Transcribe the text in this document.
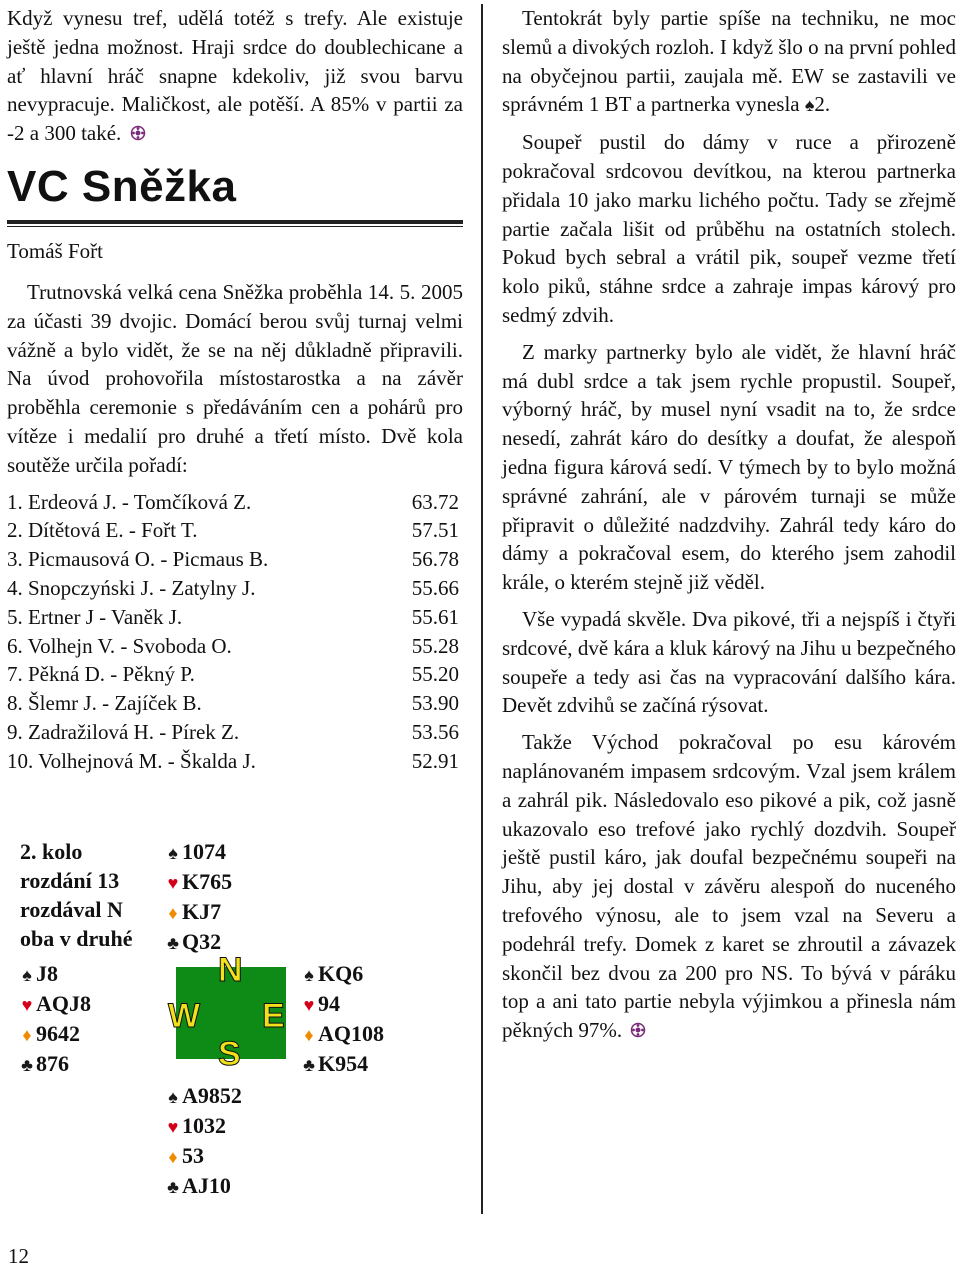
Když vynesu tref, udělá totéž s trefy. Ale existuje ještě jedna možnost. Hraji srdce do doublechicane a ať hlavní hráč snapne kdekoliv, již svou barvu nevypracuje. Maličkost, ale potěší. A 85% v partii za -2 a 300 také.

VC Sněžka
Tomáš Fořt

Trutnovská velká cena Sněžka proběhla 14. 5. 2005 za účasti 39 dvojic. Domácí berou svůj turnaj velmi vážně a bylo vidět, že se na něj důkladně připravili. Na úvod prohovořila místostarostka a na závěr proběhla ceremonie s předáváním cen a pohárů pro vítěze i medalií pro druhé a třetí místo. Dvě kola soutěže určila pořadí:

1. Erdeová J. - Tomčíková Z.	63.72
2. Dítětová E. - Fořt T.	57.51
3. Picmausová O. - Picmaus B.	56.78
4. Snopczyński J. - Zatylny J.	55.66
5. Ertner J - Vaněk J.	55.61
6. Volhejn V. - Svoboda O.	55.28
7. Pěkná D. - Pěkný P.	55.20
8. Šlemr J. - Zajíček B.	53.90
9. Zadražilová H. - Pírek Z.	53.56
10. Volhejnová M. - Škalda J.	52.91
2. kolo
rozdání 13
rozdával N
oba v druhé
♠ 1074
♥ K765
♦ KJ7
♣ Q32
♠ J8
♥ AQJ8
♦ 9642
♣ 876
N
W E
S
♠ KQ6
♥ 94
♦ AQ108
♣ K954
♠ A9852
♥ 1032
♦ 53
♣ AJ10
12

Tentokrát byly partie spíše na techniku, ne moc slemů a divokých rozloh. I když šlo o na první pohled na obyčejnou partii, zaujala mě. EW se zastavili ve správném 1 BT a partnerka vynesla ♠2.

Soupeř pustil do dámy v ruce a přirozeně pokračoval srdcovou devítkou, na kterou partnerka přidala 10 jako marku lichého počtu. Tady se zřejmě partie začala lišit od průběhu na ostatních stolech. Pokud bych sebral a vrátil pik, soupeř vezme třetí kolo piků, stáhne srdce a zahraje impas kárový pro sedmý zdvih.

Z marky partnerky bylo ale vidět, že hlavní hráč má dubl srdce a tak jsem rychle propustil. Soupeř, výborný hráč, by musel nyní vsadit na to, že srdce nesedí, zahrát káro do desítky a doufat, že alespoň jedna figura kárová sedí. V týmech by to bylo možná správné zahrání, ale v párovém turnaji se může připravit o důležité nadzdvihy. Zahrál tedy káro do dámy a pokračoval esem, do kterého jsem zahodil krále, o kterém stejně již věděl.

Vše vypadá skvěle. Dva pikové, tři a nejspíš i čtyři srdcové, dvě kára a kluk kárový na Jihu u bezpečného soupeře a tedy asi čas na vypracování dalšího kára. Devět zdvihů se začíná rýsovat.

Takže Východ pokračoval po esu károvém naplánovaném impasem srdcovým. Vzal jsem králem a zahrál pik. Následovalo eso pikové a pik, což jasně ukazovalo eso trefové jako rychlý dozdvih. Soupeř ještě pustil káro, jak doufal bezpečnému soupeři na Jihu, aby jej dostal v závěru alespoň do nuceného trefového výnosu, ale to jsem vzal na Severu a podehrál trefy. Domek z karet se zhroutil a závazek skončil bez dvou za 200 pro NS. To bývá v páráku top a ani tato partie nebyla výjimkou a přinesla nám pěkných 97%.
